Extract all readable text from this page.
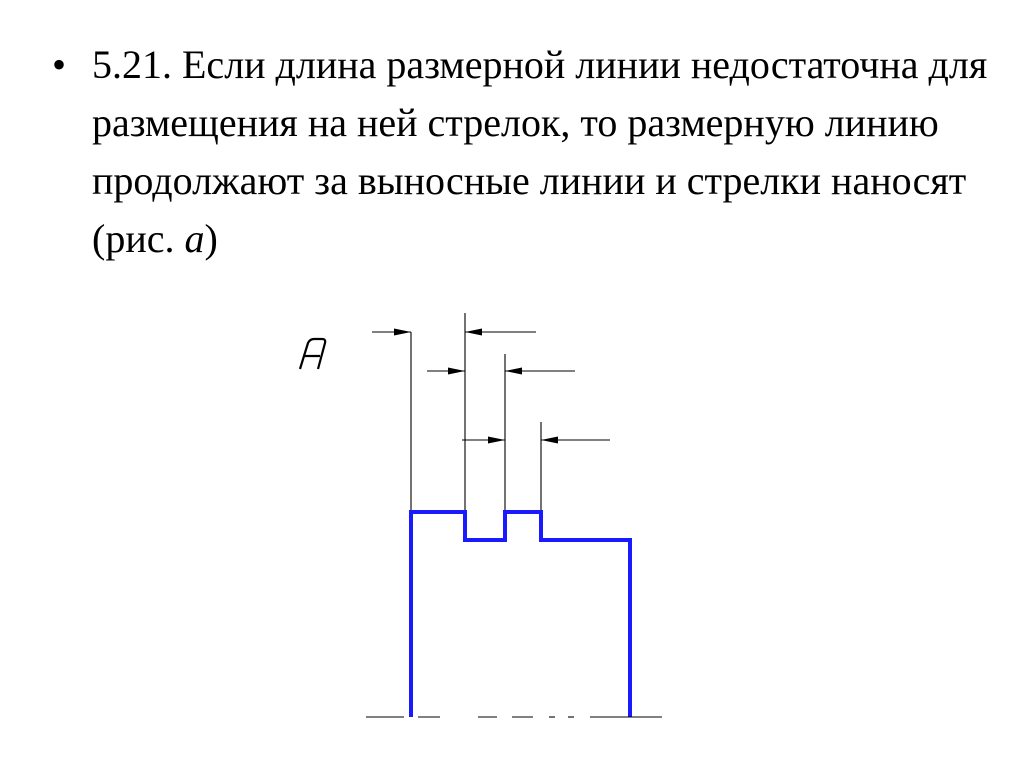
• 5.21. Если длина размерной линии недостаточна для размещения на ней стрелок, то размерную линию продолжают за выносные линии и стрелки наносят (рис. a)
